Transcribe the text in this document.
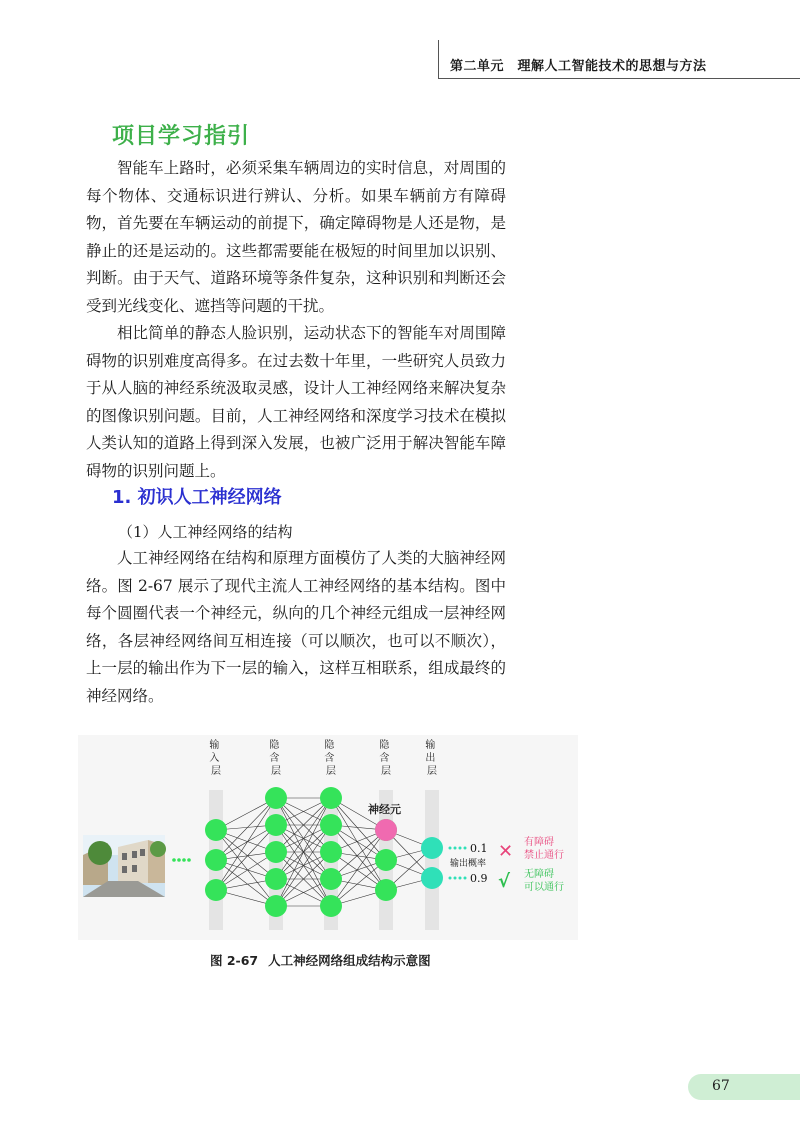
第二单元　理解人工智能技术的思想与方法
项目学习指引

智能车上路时，必须采集车辆周边的实时信息，对周围的每个物体、交通标识进行辨认、分析。如果车辆前方有障碍物，首先要在车辆运动的前提下，确定障碍物是人还是物，是静止的还是运动的。这些都需要能在极短的时间里加以识别、判断。由于天气、道路环境等条件复杂，这种识别和判断还会受到光线变化、遮挡等问题的干扰。

相比简单的静态人脸识别，运动状态下的智能车对周围障碍物的识别难度高得多。在过去数十年里，一些研究人员致力于从人脑的神经系统汲取灵感，设计人工神经网络来解决复杂的图像识别问题。目前，人工神经网络和深度学习技术在模拟人类认知的道路上得到深入发展，也被广泛用于解决智能车障碍物的识别问题上。

1. 初识人工神经网络
（1）人工神经网络的结构

人工神经网络在结构和原理方面模仿了人类的大脑神经网络。图 2-67 展示了现代主流人工神经网络的基本结构。图中每个圆圈代表一个神经元，纵向的几个神经元组成一层神经网络，各层神经网络间互相连接（可以顺次，也可以不顺次），上一层的输出作为下一层的输入，这样互相联系，组成最终的神经网络。

输 入 层
隐 含 层
隐 含 层
隐 含 层
输 出 层
神经元
0.1
0.9
输出概率
✕
√
有障碍
禁止通行
无障碍
可以通行
图 2-67 人工神经网络组成结构示意图
67
